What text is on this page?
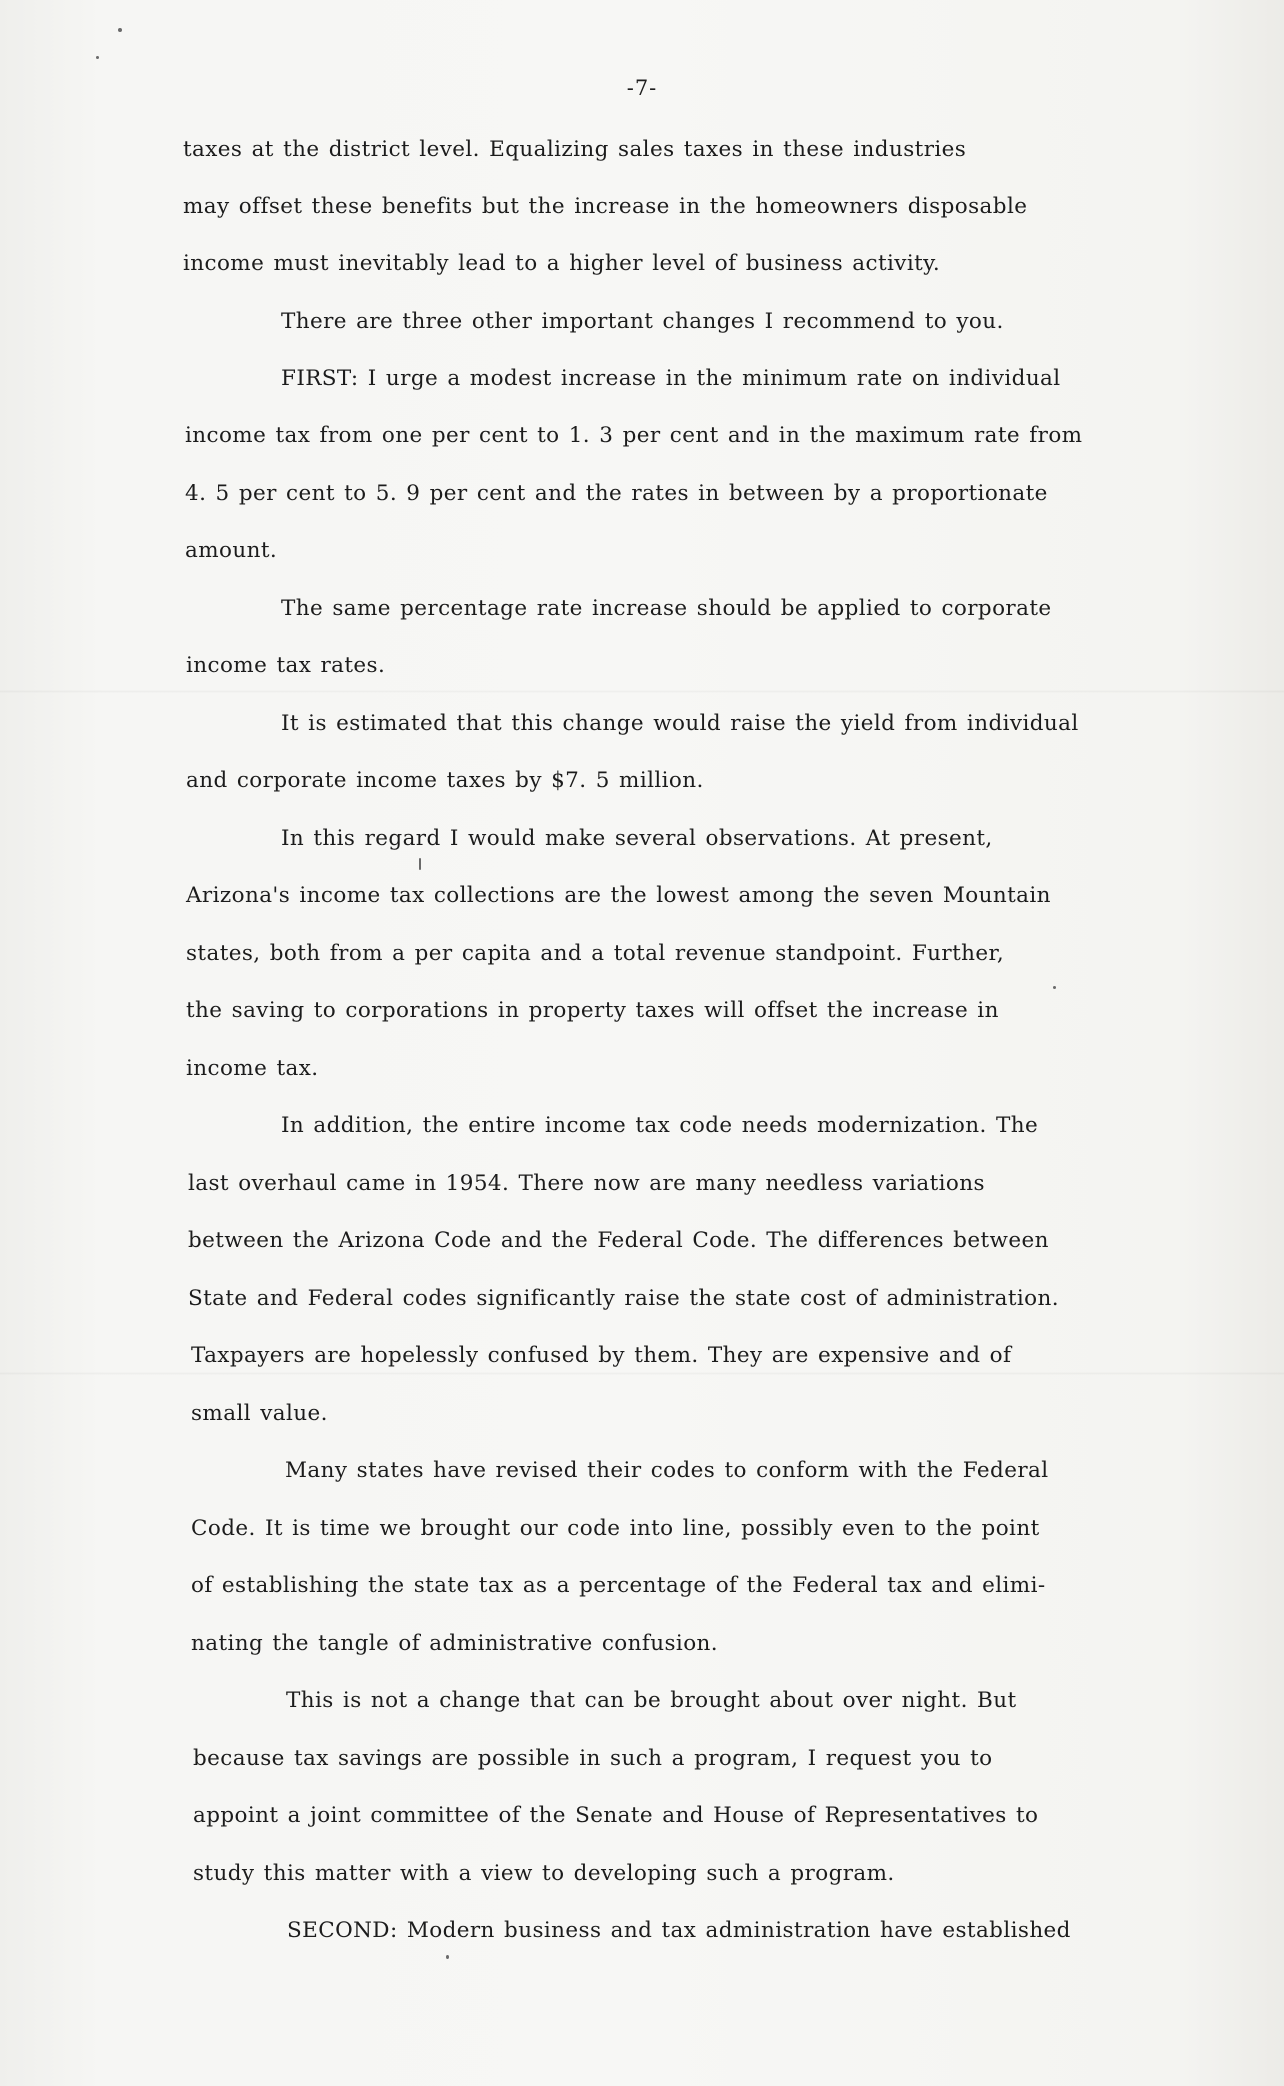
-7-
taxes at the district level. Equalizing sales taxes in these industries
may offset these benefits but the increase in the homeowners disposable
income must inevitably lead to a higher level of business activity.
There are three other important changes I recommend to you.
FIRST: I urge a modest increase in the minimum rate on individual
income tax from one per cent to 1. 3 per cent and in the maximum rate from
4. 5 per cent to 5. 9 per cent and the rates in between by a proportionate
amount.
The same percentage rate increase should be applied to corporate
income tax rates.
It is estimated that this change would raise the yield from individual
and corporate income taxes by $7. 5 million.
In this regard I would make several observations. At present,
Arizona's income tax collections are the lowest among the seven Mountain
states, both from a per capita and a total revenue standpoint. Further,
the saving to corporations in property taxes will offset the increase in
income tax.
In addition, the entire income tax code needs modernization. The
last overhaul came in 1954. There now are many needless variations
between the Arizona Code and the Federal Code. The differences between
State and Federal codes significantly raise the state cost of administration.
Taxpayers are hopelessly confused by them. They are expensive and of
small value.
Many states have revised their codes to conform with the Federal
Code. It is time we brought our code into line, possibly even to the point
of establishing the state tax as a percentage of the Federal tax and elimi-
nating the tangle of administrative confusion.
This is not a change that can be brought about over night. But
because tax savings are possible in such a program, I request you to
appoint a joint committee of the Senate and House of Representatives to
study this matter with a view to developing such a program.
SECOND: Modern business and tax administration have established
